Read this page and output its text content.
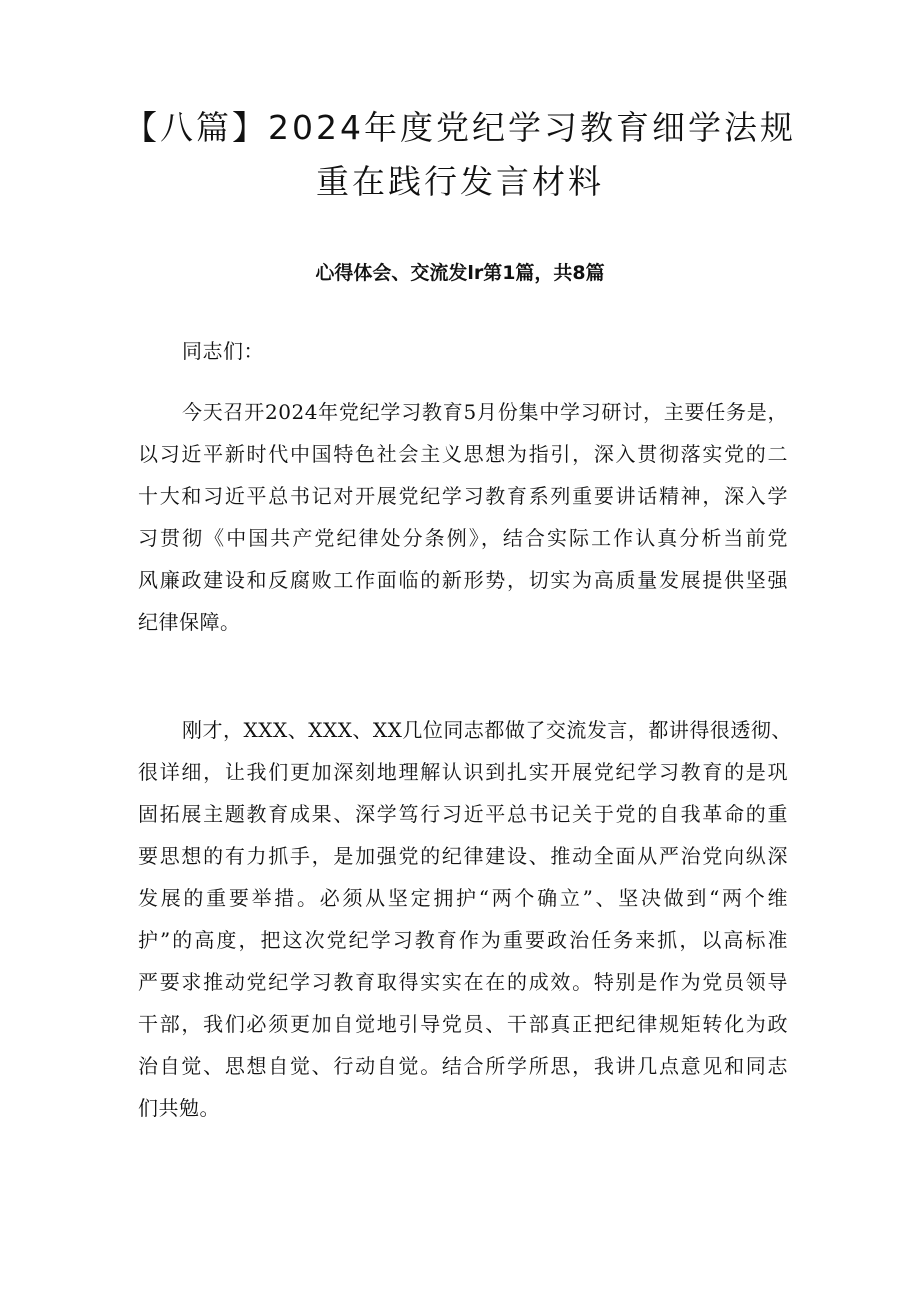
【八篇】2024年度党纪学习教育细学法规
重在践行发言材料
心得体会、交流发lr第1篇，共8篇

同志们：

今天召开2024年党纪学习教育5月份集中学习研讨，主要任务是，
以习近平新时代中国特色社会主义思想为指引，深入贯彻落实党的二
十大和习近平总书记对开展党纪学习教育系列重要讲话精神，深入学
习贯彻《中国共产党纪律处分条例》，结合实际工作认真分析当前党
风廉政建设和反腐败工作面临的新形势，切实为高质量发展提供坚强
纪律保障。

刚才，XXX、XXX、XX几位同志都做了交流发言，都讲得很透彻、
很详细，让我们更加深刻地理解认识到扎实开展党纪学习教育的是巩
固拓展主题教育成果、深学笃行习近平总书记关于党的自我革命的重
要思想的有力抓手，是加强党的纪律建设、推动全面从严治党向纵深
发展的重要举措。必须从坚定拥护“两个确立”、坚决做到“两个维
护”的高度，把这次党纪学习教育作为重要政治任务来抓，以高标准
严要求推动党纪学习教育取得实实在在的成效。特别是作为党员领导
干部，我们必须更加自觉地引导党员、干部真正把纪律规矩转化为政
治自觉、思想自觉、行动自觉。结合所学所思，我讲几点意见和同志
们共勉。
